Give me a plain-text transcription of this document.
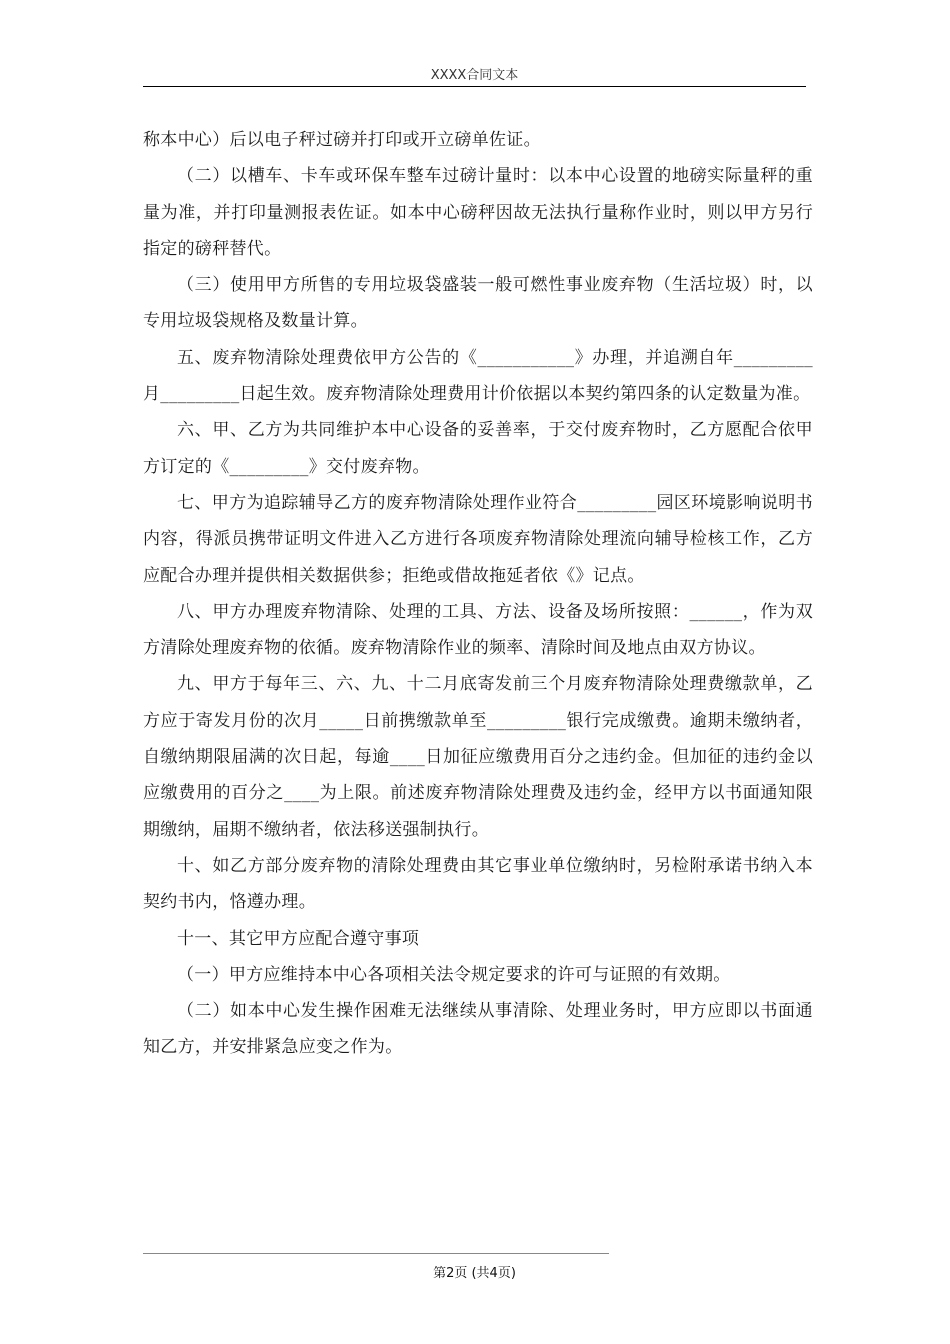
XXXX合同文本

称本中心）后以电子秤过磅并打印或开立磅单佐证。

（二）以槽车、卡车或环保车整车过磅计量时：以本中心设置的地磅实际量秤的重量为准，并打印量测报表佐证。如本中心磅秤因故无法执行量称作业时，则以甲方另行指定的磅秤替代。

（三）使用甲方所售的专用垃圾袋盛装一般可燃性事业废弃物（生活垃圾）时，以专用垃圾袋规格及数量计算。

五、废弃物清除处理费依甲方公告的《___________》办理，并追溯自年_________月_________日起生效。废弃物清除处理费用计价依据以本契约第四条的认定数量为准。

六、甲、乙方为共同维护本中心设备的妥善率，于交付废弃物时，乙方愿配合依甲方订定的《_________》交付废弃物。

七、甲方为追踪辅导乙方的废弃物清除处理作业符合_________园区环境影响说明书内容，得派员携带证明文件进入乙方进行各项废弃物清除处理流向辅导检核工作，乙方应配合办理并提供相关数据供参；拒绝或借故拖延者依《》记点。

八、甲方办理废弃物清除、处理的工具、方法、设备及场所按照：______，作为双方清除处理废弃物的依循。废弃物清除作业的频率、清除时间及地点由双方协议。

九、甲方于每年三、六、九、十二月底寄发前三个月废弃物清除处理费缴款单，乙方应于寄发月份的次月_____日前携缴款单至_________银行完成缴费。逾期未缴纳者，自缴纳期限届满的次日起，每逾____日加征应缴费用百分之违约金。但加征的违约金以应缴费用的百分之____为上限。前述废弃物清除处理费及违约金，经甲方以书面通知限期缴纳，届期不缴纳者，依法移送强制执行。

十、如乙方部分废弃物的清除处理费由其它事业单位缴纳时，另检附承诺书纳入本契约书内，恪遵办理。

十一、其它甲方应配合遵守事项

（一）甲方应维持本中心各项相关法令规定要求的许可与证照的有效期。

（二）如本中心发生操作困难无法继续从事清除、处理业务时，甲方应即以书面通知乙方，并安排紧急应变之作为。

第2页 (共4页)
